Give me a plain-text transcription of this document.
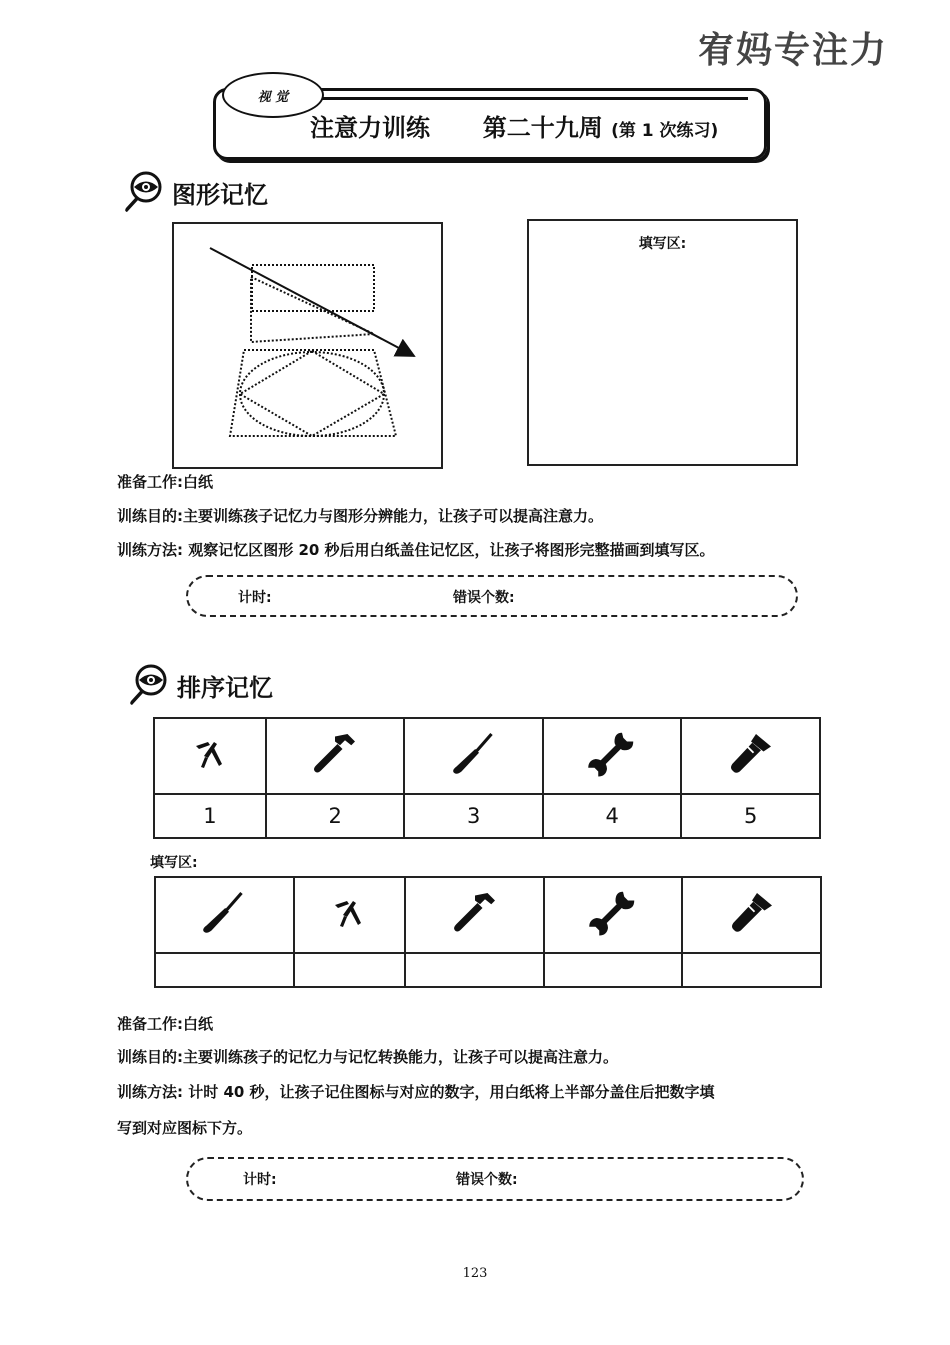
宥妈专注力
视 觉
注意力训练 第二十九周 (第 1 次练习)
图形记忆
填写区:
准备工作:白纸
训练目的:主要训练孩子记忆力与图形分辨能力，让孩子可以提高注意力。
训练方法: 观察记忆区图形 20 秒后用白纸盖住记忆区，让孩子将图形完整描画到填写区。
计时:	错误个数:
排序记忆

1	2	3	4	5
填写区:

准备工作:白纸
训练目的:主要训练孩子的记忆力与记忆转换能力，让孩子可以提高注意力。
训练方法: 计时 40 秒，让孩子记住图标与对应的数字，用白纸将上半部分盖住后把数字填
写到对应图标下方。
计时:	错误个数:
123
